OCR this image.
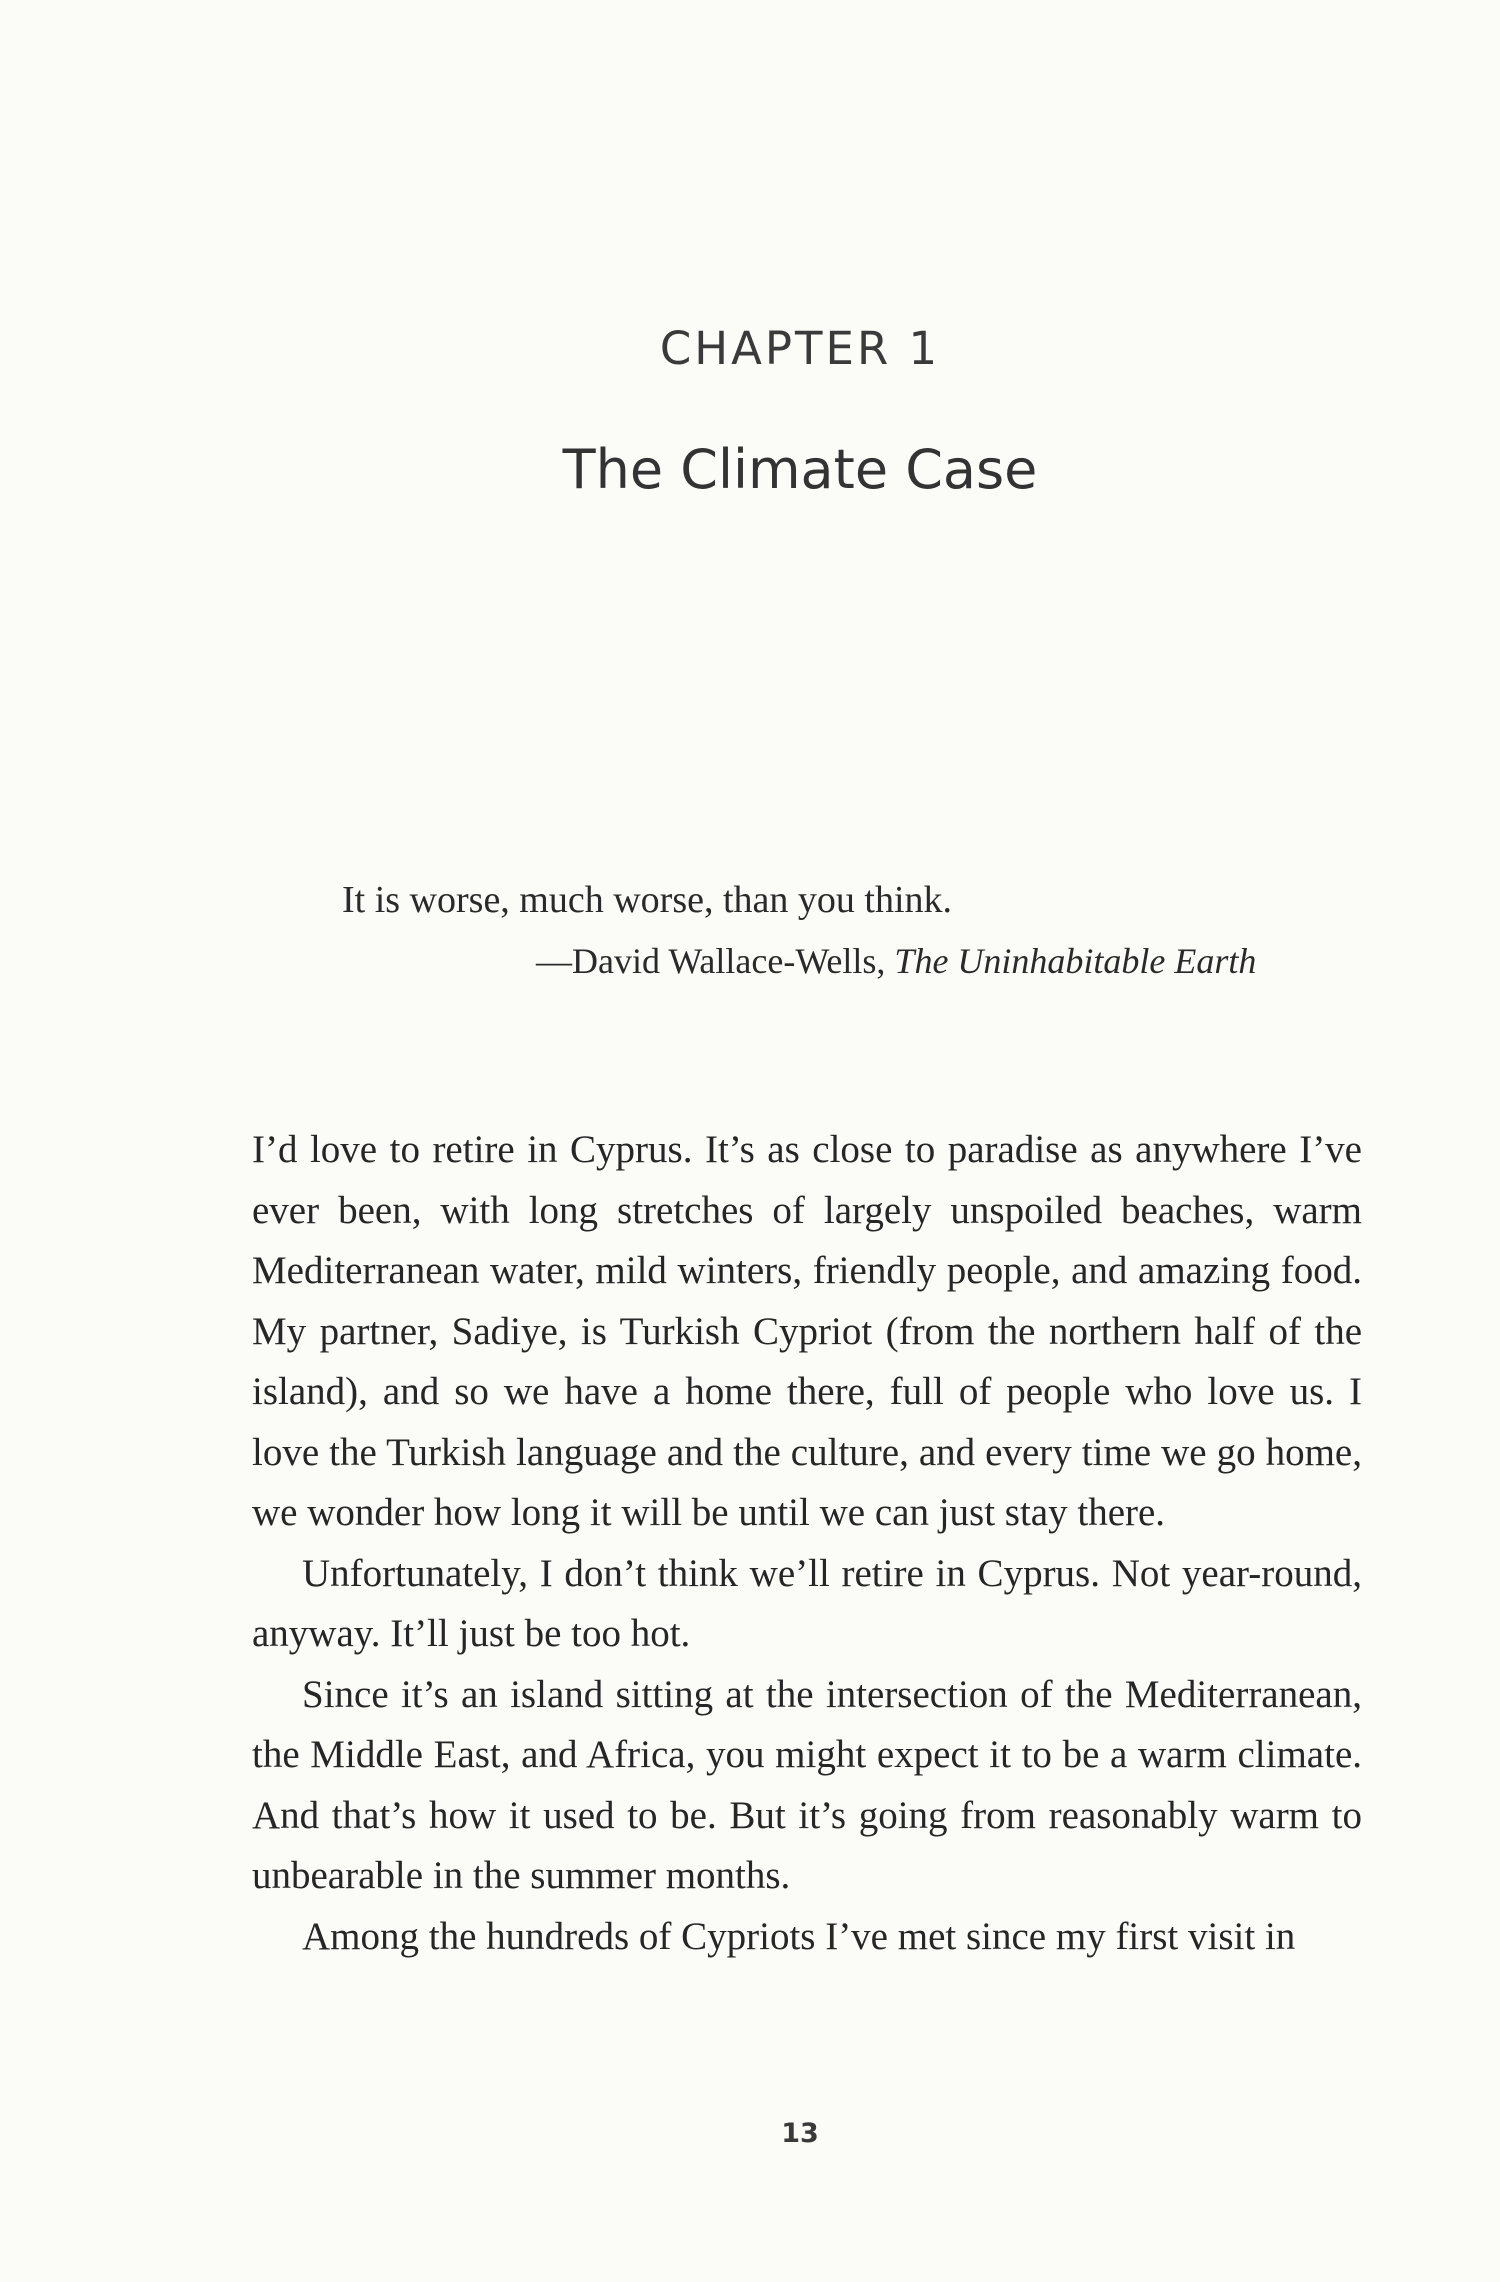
CHAPTER 1
The Climate Case
It is worse, much worse, than you think.
—David Wallace-Wells, The Uninhabitable Earth

I’d love to retire in Cyprus. It’s as close to paradise as anywhere I’ve ever been, with long stretches of largely unspoiled beaches, warm Mediterranean water, mild winters, friendly people, and amazing food. My partner, Sadiye, is Turkish Cypriot (from the northern half of the island), and so we have a home there, full of people who love us. I love the Turkish language and the culture, and every time we go home, we wonder how long it will be until we can just stay there.

Unfortunately, I don’t think we’ll retire in Cyprus. Not year-round, anyway. It’ll just be too hot.

Since it’s an island sitting at the intersection of the Mediterranean, the Middle East, and Africa, you might expect it to be a warm climate. And that’s how it used to be. But it’s going from reasonably warm to unbearable in the summer months.

Among the hundreds of Cypriots I’ve met since my first visit in

13
